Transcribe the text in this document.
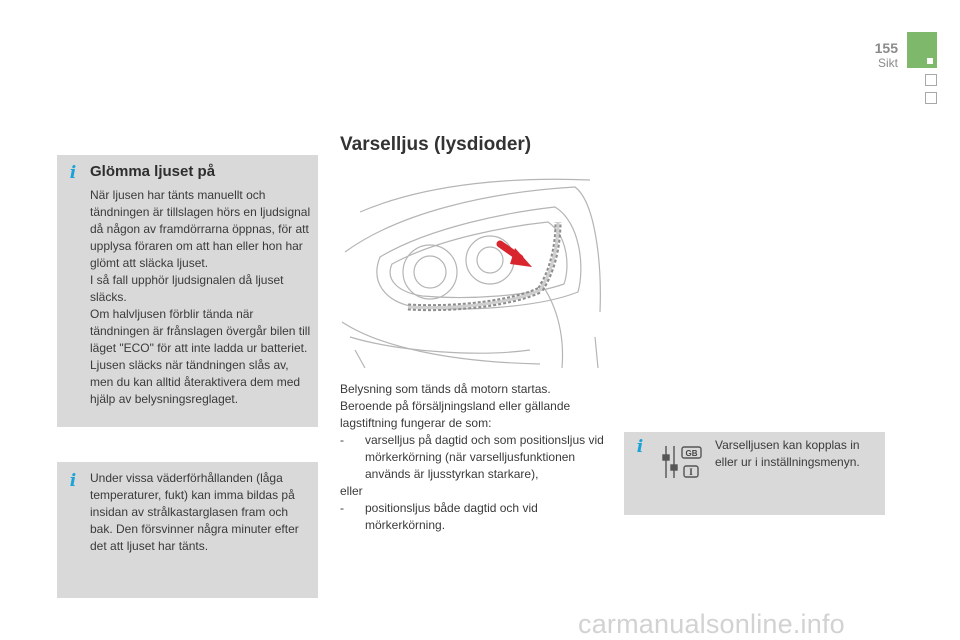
155
Sikt
i Glömma ljuset på

När ljusen har tänts manuellt och tändningen är tillslagen hörs en ljudsignal då någon av framdörrarna öppnas, för att upplysa föraren om att han eller hon har glömt att släcka ljuset.

I så fall upphör ljudsignalen då ljuset släcks.

Om halvljusen förblir tända när tändningen är frånslagen övergår bilen till läget "ECO" för att inte ladda ur batteriet.

Ljusen släcks när tändningen slås av, men du kan alltid återaktivera dem med hjälp av belysningsreglaget.

i	Under vissa väderförhållanden (låga temperaturer, fukt) kan imma bildas på insidan av strålkastarglasen fram och bak. Den försvinner några minuter efter det att ljuset har tänts.
Varselljus (lysdioder)

Belysning som tänds då motorn startas.

Beroende på försäljningsland eller gällande lagstiftning fungerar de som:

- varselljus på dagtid och som positionsljus vid mörkerkörning (när varselljusfunktionen används är ljusstyrkan starkare),

eller

- positionsljus både dagtid och vid mörkerkörning.
i	GB
I
Varselljusen kan kopplas in eller ur i inställningsmenyn.
carmanualsonline.info
